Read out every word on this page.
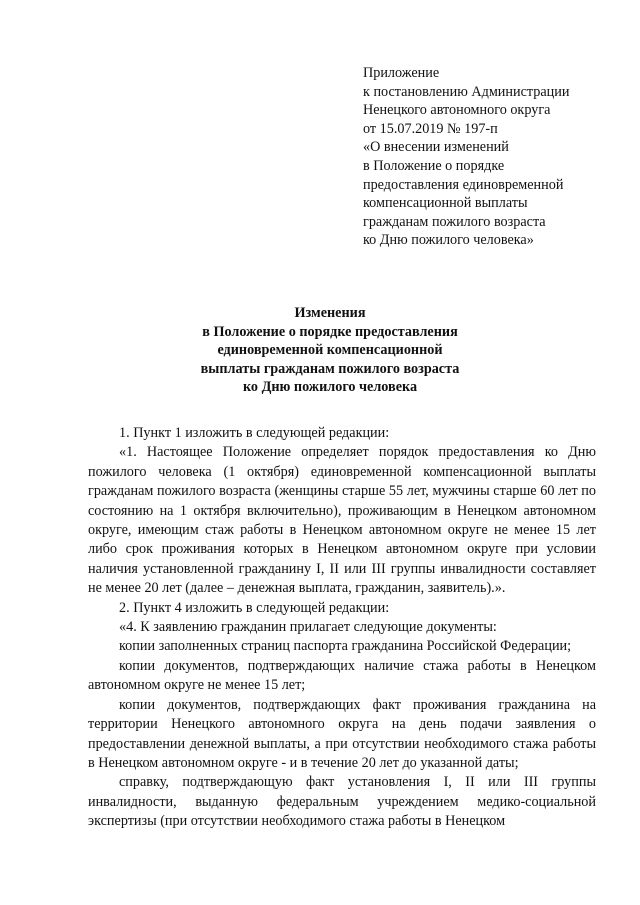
Приложение
к постановлению Администрации
Ненецкого автономного округа
от 15.07.2019 № 197-п
«О внесении изменений
в Положение о порядке
предоставления единовременной
компенсационной выплаты
гражданам пожилого возраста
ко Дню пожилого человека»
Изменения
в Положение о порядке предоставления
единовременной компенсационной
выплаты гражданам пожилого возраста
ко Дню пожилого человека

1. Пункт 1 изложить в следующей редакции:

«1. Настоящее Положение определяет порядок предоставления ко Дню пожилого человека (1 октября) единовременной компенсационной выплаты гражданам пожилого возраста (женщины старше 55 лет, мужчины старше 60 лет по состоянию на 1 октября включительно), проживающим в Ненецком автономном округе, имеющим стаж работы в Ненецком автономном округе не менее 15 лет либо срок проживания которых в Ненецком автономном округе при условии наличия установленной гражданину I, II или III группы инвалидности составляет не менее 20 лет (далее – денежная выплата, гражданин, заявитель).».

2. Пункт 4 изложить в следующей редакции:

«4. К заявлению гражданин прилагает следующие документы:

копии заполненных страниц паспорта гражданина Российской Федерации;

копии документов, подтверждающих наличие стажа работы в Ненецком автономном округе не менее 15 лет;

копии документов, подтверждающих факт проживания гражданина на территории Ненецкого автономного округа на день подачи заявления о предоставлении денежной выплаты, а при отсутствии необходимого стажа работы в Ненецком автономном округе - и в течение 20 лет до указанной даты;

справку, подтверждающую факт установления I, II или III группы инвалидности, выданную федеральным учреждением медико-социальной экспертизы (при отсутствии необходимого стажа работы в Ненецком
